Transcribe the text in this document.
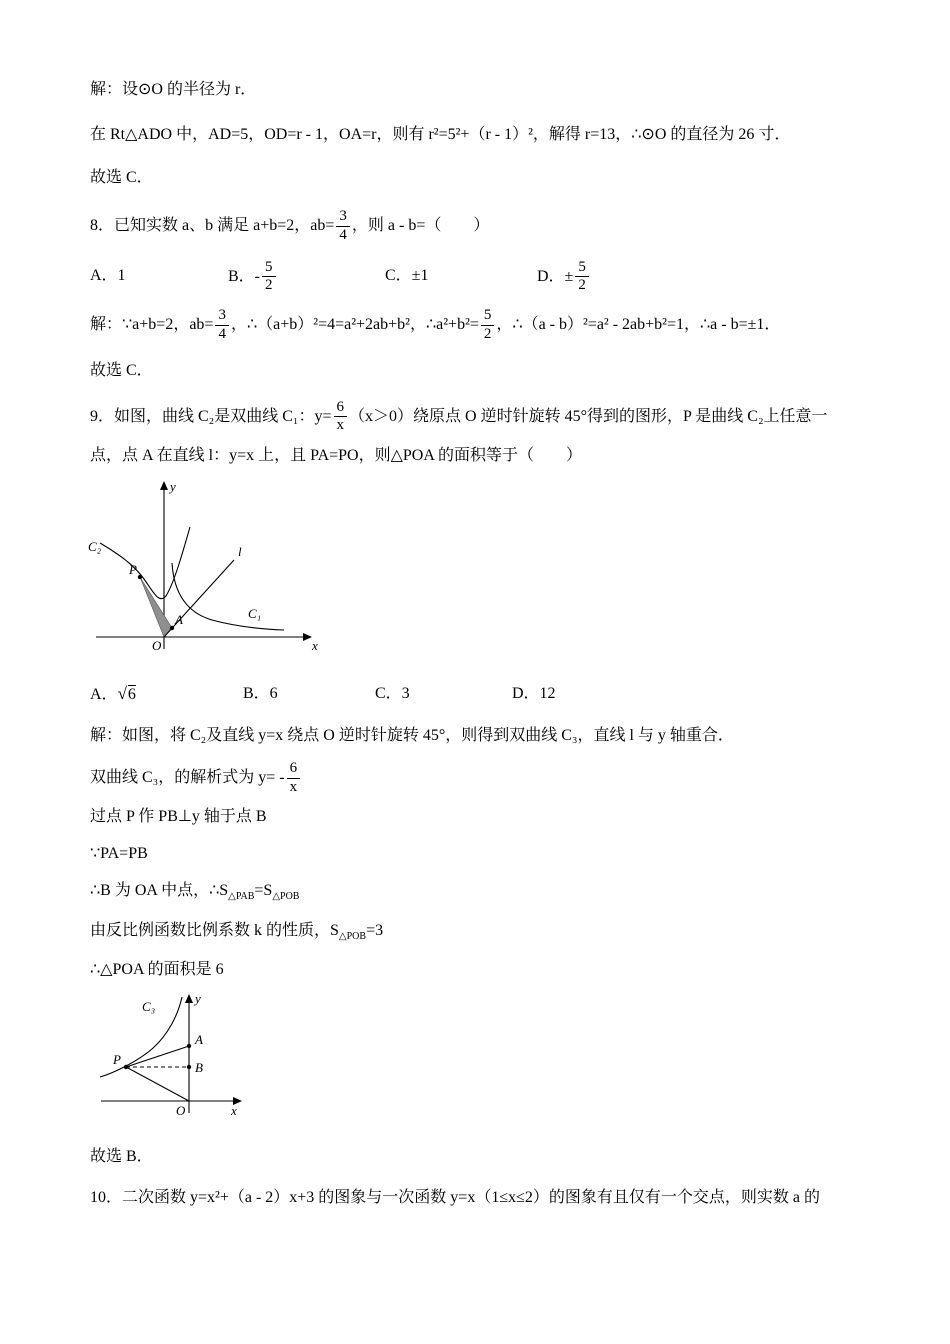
解：设⊙O 的半径为 r．

在 Rt△ADO 中，AD=5，OD=r - 1，OA=r，则有 r²=5²+（r - 1）²，解得 r=13，∴⊙O 的直径为 26 寸．

故选 C．

8．已知实数 a、b 满足 a+b=2，$ab= \frac{3}{4}$ ，则 a - b=（　　）

A．1	B．- $\frac{5}{2}$	C．±1	D．± $\frac{5}{2}$

解：∵a+b=2，$ab= \frac{3}{4}$ ，∴（a+b）²=4=a²+2ab+b²，∴a²+b²= $\frac{5}{2}$ ，∴（a - b）²=a² - 2ab+b²=1，∴a - b=±1．

故选 C．

9．如图，曲线 C₂是双曲线 C₁：$y= \frac{6}{x} (x>0)$绕原点 O 逆时针旋转 45°得到的图形，P 是曲线 C₂上任意一

点，点 A 在直线 l：y=x 上，且 PA=PO，则△POA 的面积等于（　　）

y
x
l
C₂
C₁
P
A
O
A．√6	B．6	C．3	D．12

解：如图，将 C₂及直线 y=x 绕点 O 逆时针旋转 45°，则得到双曲线 C₃，直线 l 与 y 轴重合．

双曲线 C₃，的解析式为 $y= - \frac{6}{x}$

过点 P 作 PB⊥y 轴于点 B

∵PA=PB

∴B 为 OA 中点，$\therefore S_{\triangle PAB}=S_{\triangle POB}$

由反比例函数比例系数 k 的性质，$S_{\triangle POB}=3$

∴△POA 的面积是 6

y
x
C₃
P
A
B
O

故选 B．

10．二次函数 y=x²+（a - 2）x+3 的图象与一次函数 y=x（1≤x≤2）的图象有且仅有一个交点，则实数 a 的
